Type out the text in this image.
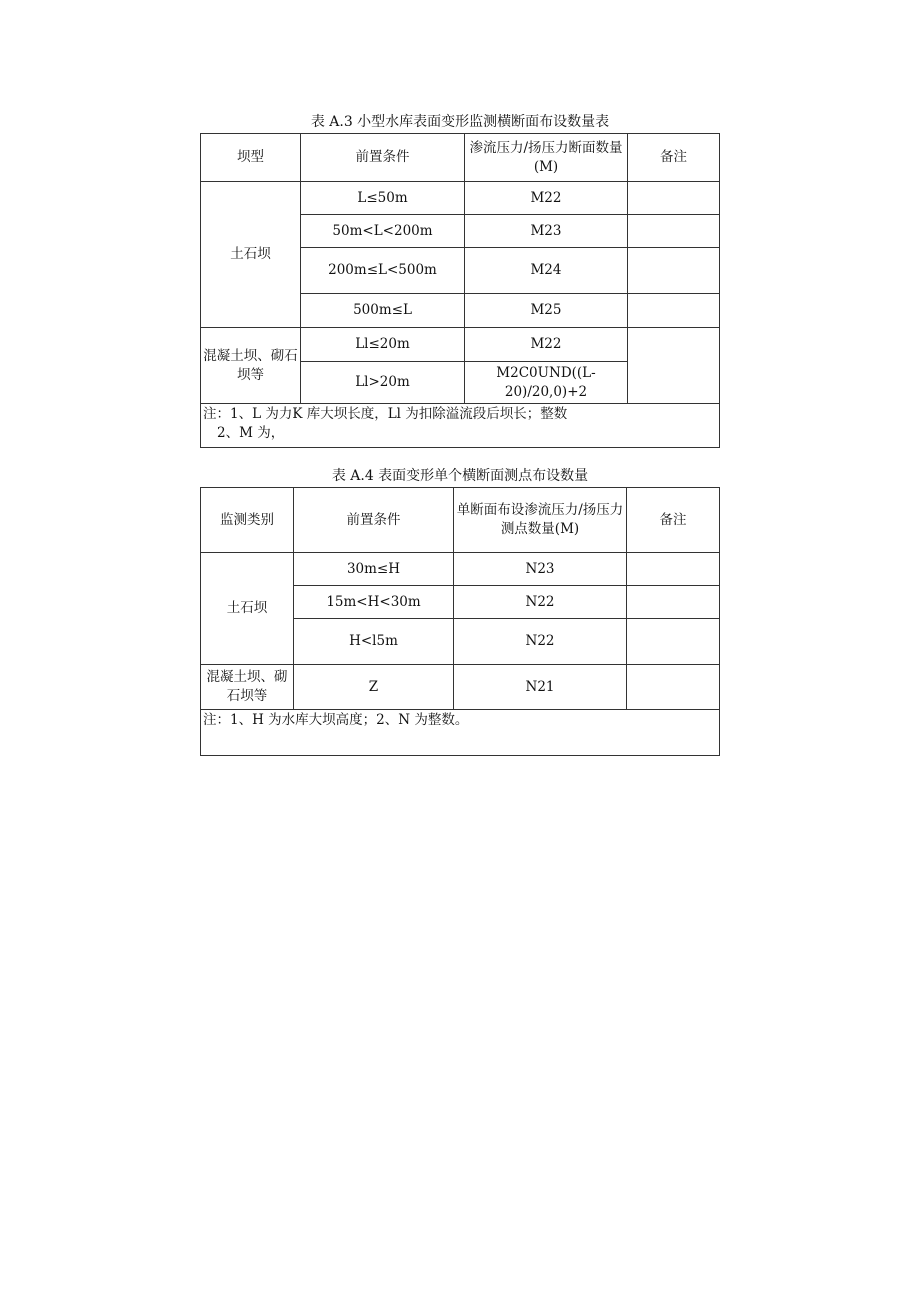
表 A.3 小型水库表面变形监测横断面布设数量表
坝型	前置条件	渗流压力/扬压力断面数量(M)	备注
土石坝	L≤50m	M22	
	50m<L<200m	M23	
	200m≤L<500m	M24	
	500m≤L	M25	
混凝土坝、砌石坝等	Ll≤20m	M22	
	Ll>20m	M2C0UND((L-20)/20,0)+2	

注：1、L 为力K 库大坝长度，Ll 为扣除溢流段后坝长；整数
2、M 为，			
表 A.4 表面变形单个横断面测点布设数量
监测类别	前置条件	单断面布设渗流压力/扬压力测点数量(M)	备注
土石坝	30m≤H	N23	
	15m<H<30m	N22	
	H<l5m	N22	
混凝土坝、砌石坝等	Z	N21	

注：1、H 为水库大坝高度；2、N 为整数。			
